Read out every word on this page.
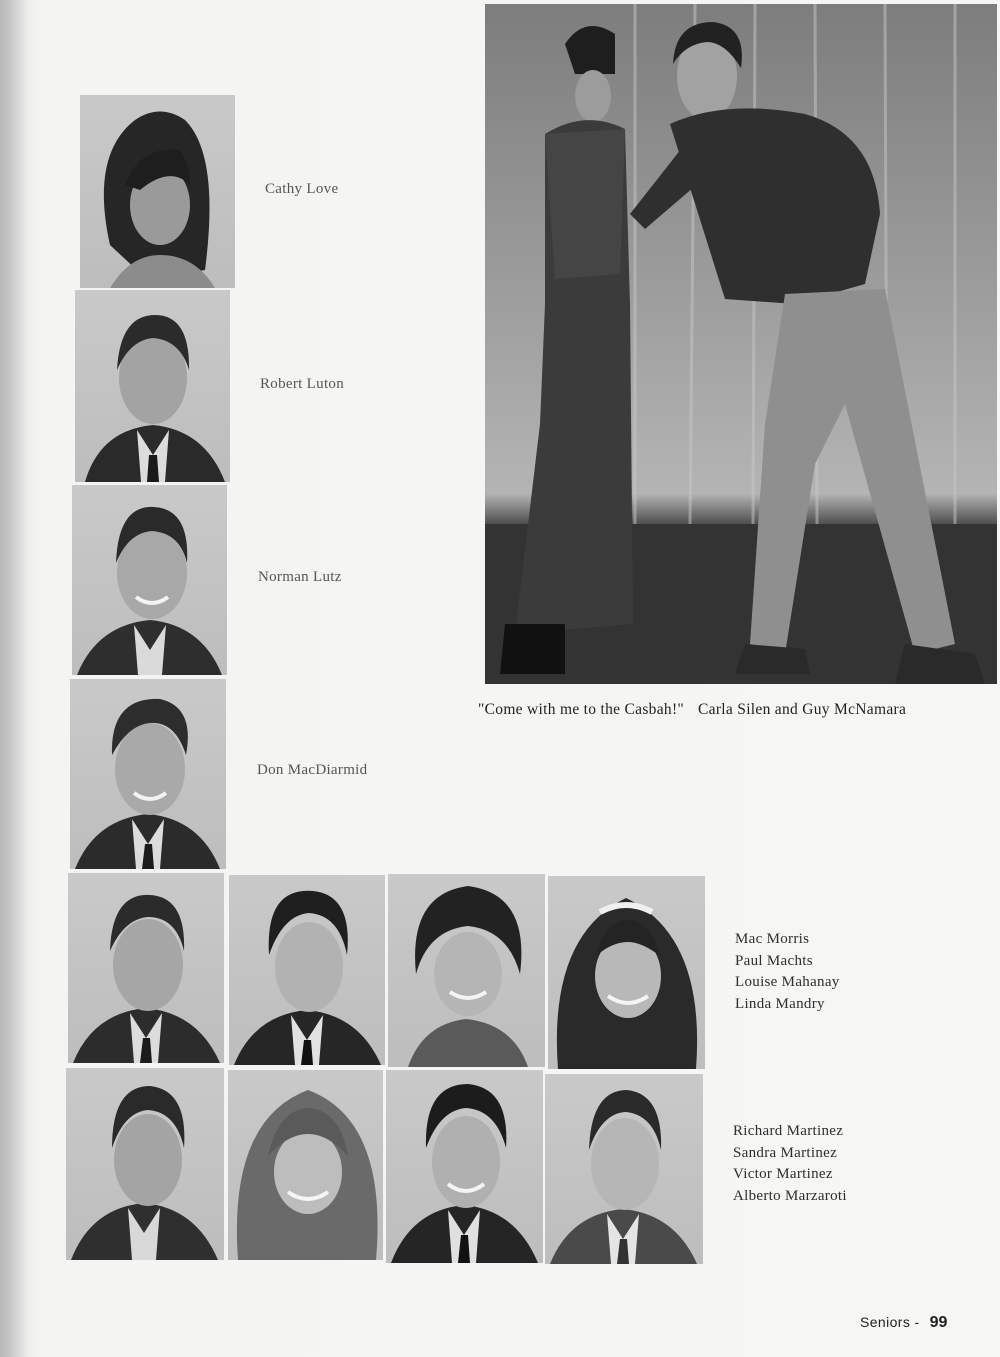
Cathy Love
Robert Luton
Norman Lutz
Don MacDiarmid
"Come with me to the Casbah!" Carla Silen and Guy McNamara
Mac Morris
Paul Machts
Louise Mahanay
Linda Mandry
Richard Martinez
Sandra Martinez
Victor Martinez
Alberto Marzaroti
Seniors - 99
